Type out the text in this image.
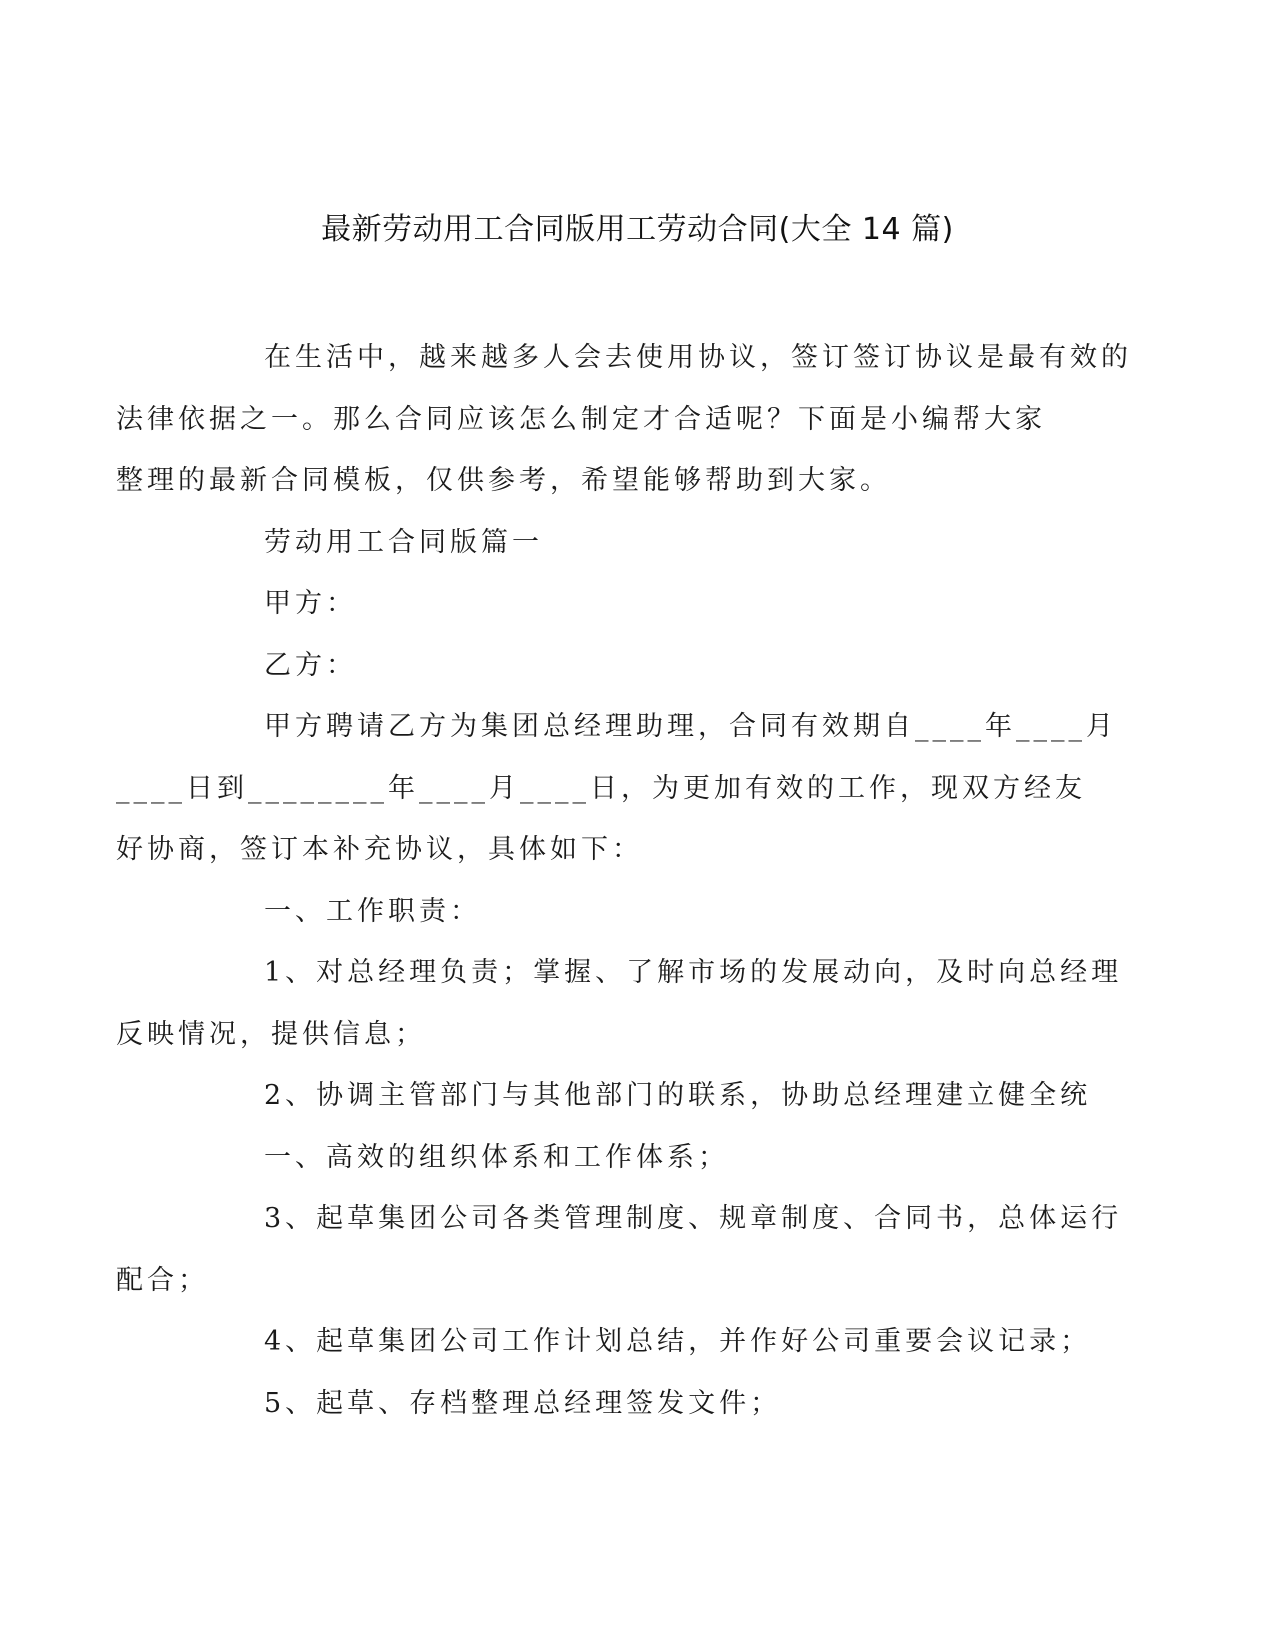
最新劳动用工合同版用工劳动合同(大全 14 篇)

在生活中，越来越多人会去使用协议，签订签订协议是最有效的
法律依据之一。那么合同应该怎么制定才合适呢？下面是小编帮大家
整理的最新合同模板，仅供参考，希望能够帮助到大家。

劳动用工合同版篇一

甲方：

乙方：

甲方聘请乙方为集团总经理助理，合同有效期自____年____月
____日到________年____月____日，为更加有效的工作，现双方经友
好协商，签订本补充协议，具体如下：

一、工作职责：

1、对总经理负责；掌握、了解市场的发展动向，及时向总经理
反映情况，提供信息；

2、协调主管部门与其他部门的联系，协助总经理建立健全统

一、高效的组织体系和工作体系；

3、起草集团公司各类管理制度、规章制度、合同书，总体运行
配合；

4、起草集团公司工作计划总结，并作好公司重要会议记录；

5、起草、存档整理总经理签发文件；
